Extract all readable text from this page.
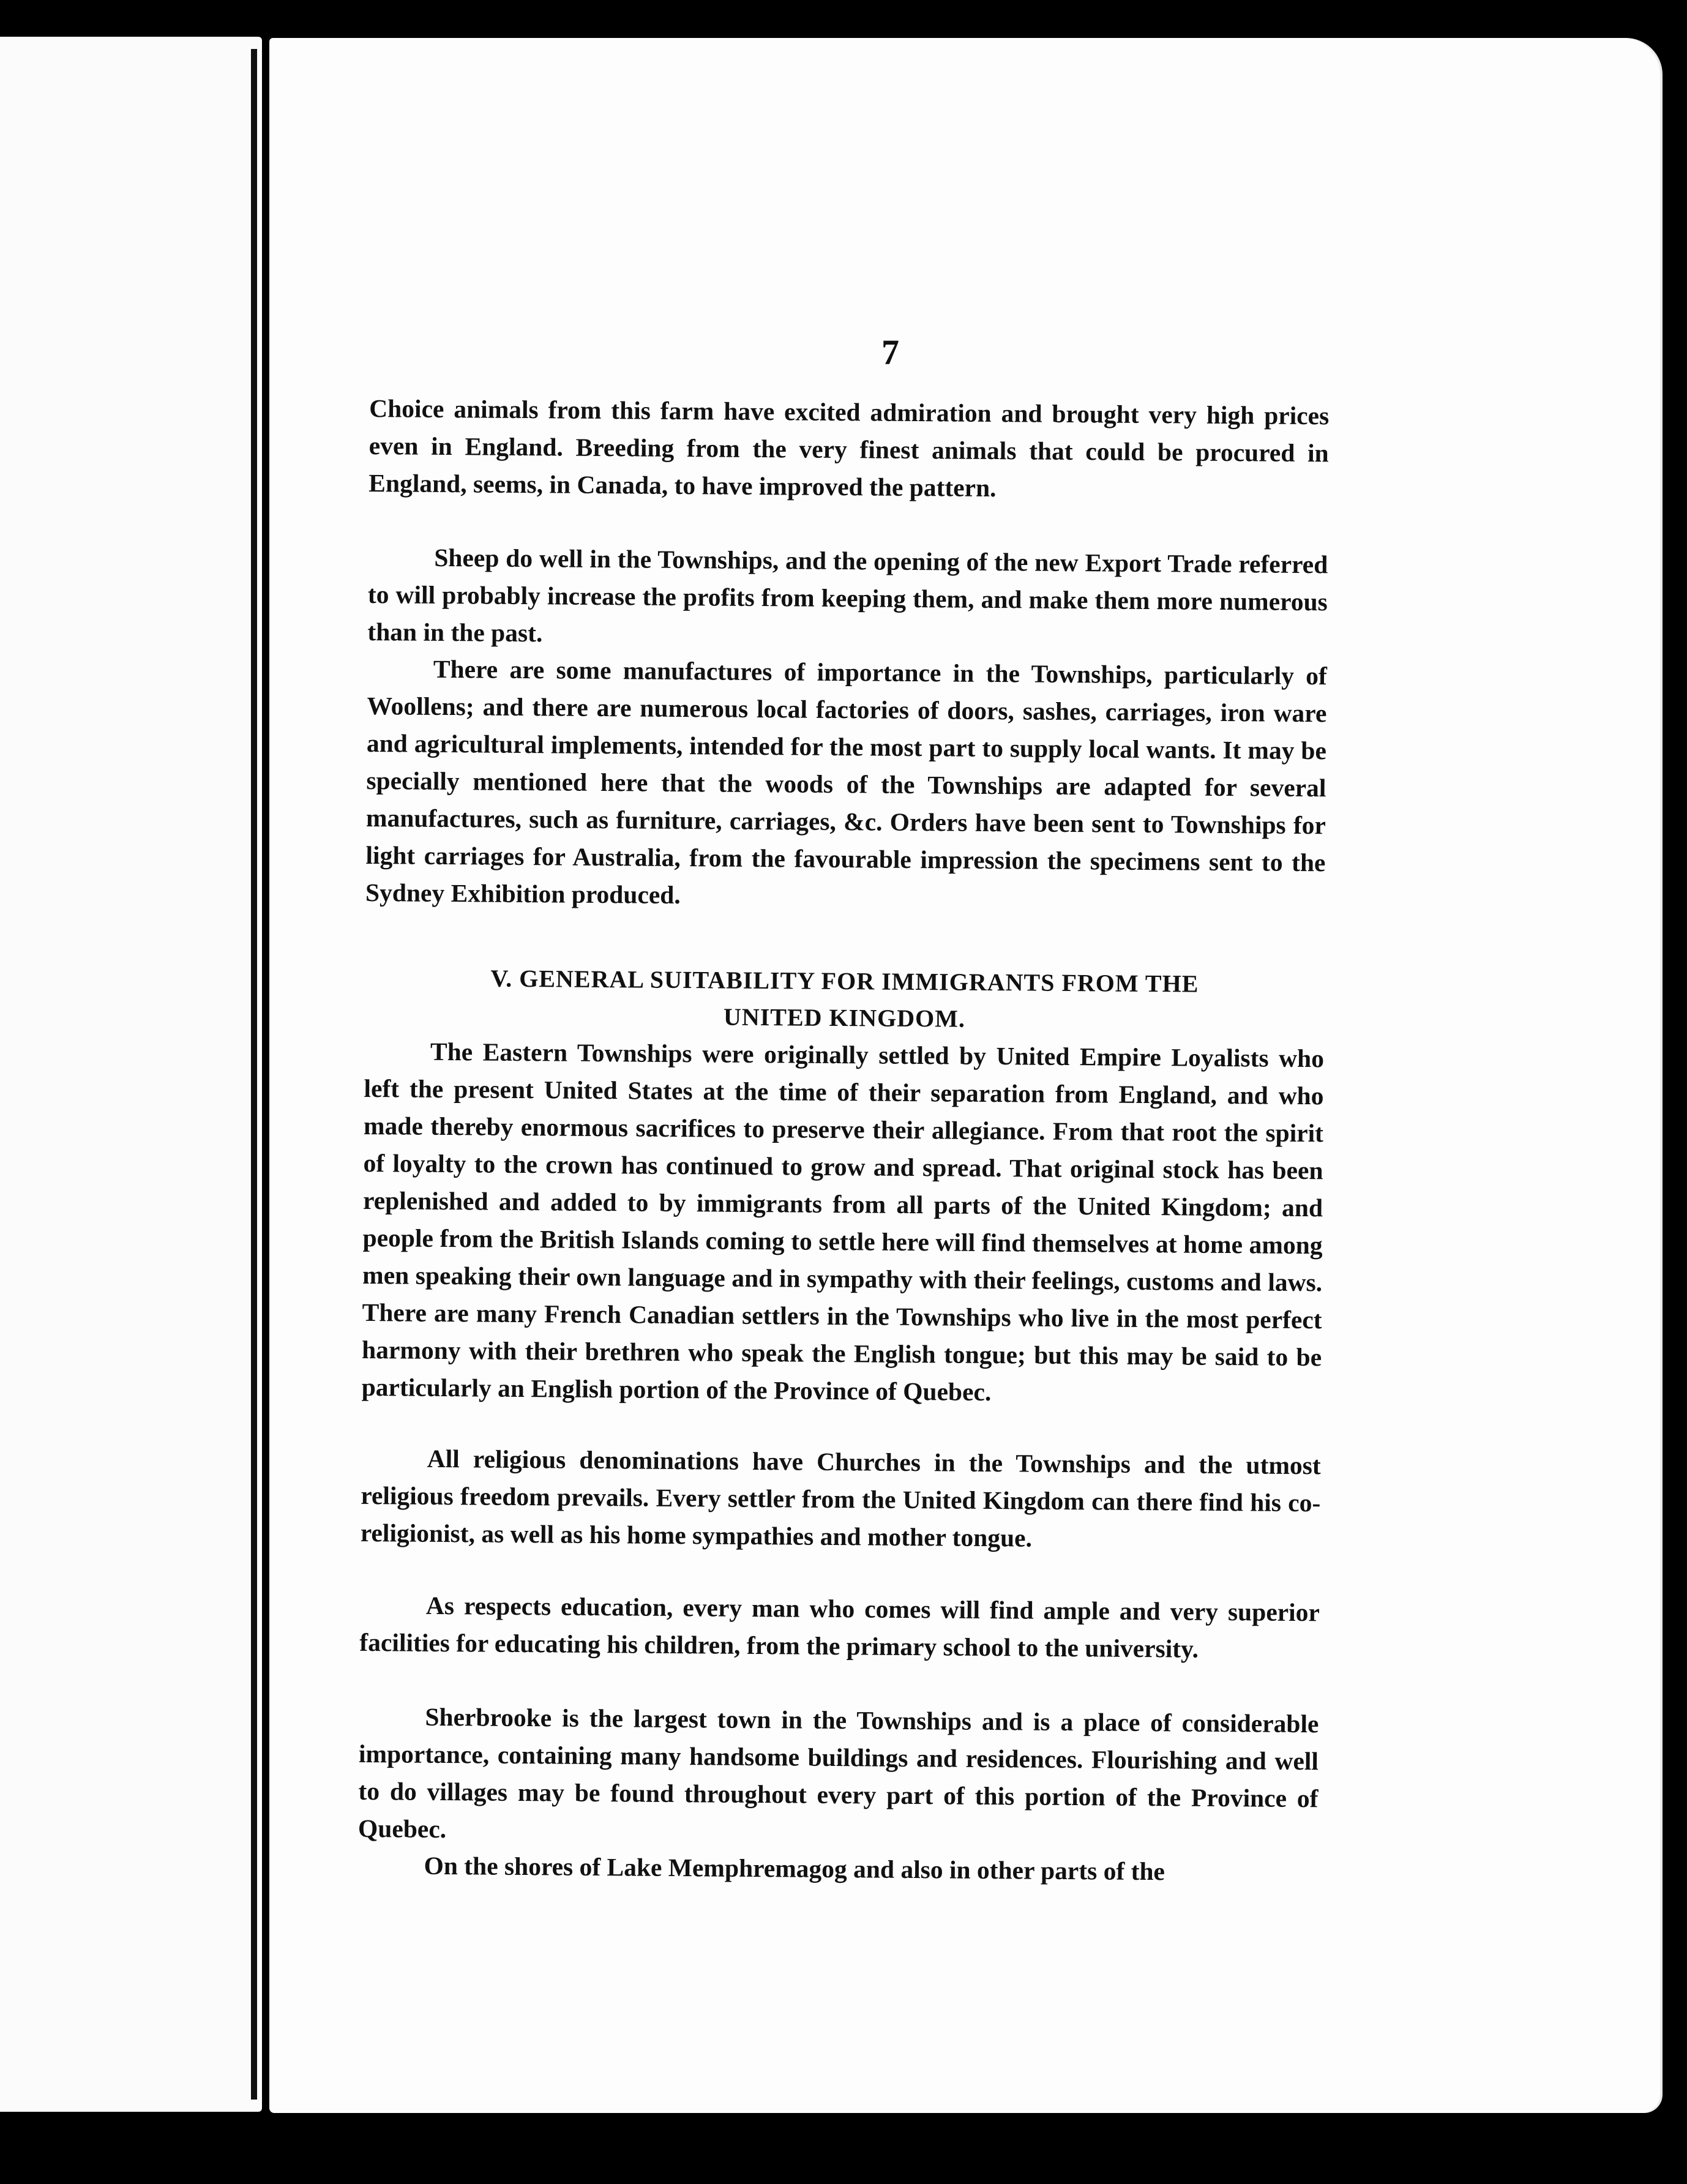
7

Choice animals from this farm have excited admiration and brought very high prices even in England. Breeding from the very finest animals that could be procured in England, seems, in Canada, to have improved the pattern.

Sheep do well in the Townships, and the opening of the new Export Trade referred to will probably increase the profits from keeping them, and make them more numerous than in the past.

There are some manufactures of importance in the Townships, particularly of Woollens; and there are numerous local factories of doors, sashes, carriages, iron ware and agricultural implements, intended for the most part to supply local wants. It may be specially mentioned here that the woods of the Townships are adapted for several manufactures, such as furniture, carriages, &c. Orders have been sent to Townships for light carriages for Australia, from the favourable impression the specimens sent to the Sydney Exhibition produced.

V. GENERAL SUITABILITY FOR IMMIGRANTS FROM THE
UNITED KINGDOM.

The Eastern Townships were originally settled by United Empire Loyalists who left the present United States at the time of their separation from England, and who made thereby enormous sacrifices to preserve their allegiance. From that root the spirit of loyalty to the crown has continued to grow and spread. That original stock has been replenished and added to by immigrants from all parts of the United Kingdom; and people from the British Islands coming to settle here will find themselves at home among men speaking their own language and in sympathy with their feelings, customs and laws. There are many French Canadian settlers in the Townships who live in the most perfect harmony with their brethren who speak the English tongue; but this may be said to be particularly an English portion of the Province of Quebec.

All religious denominations have Churches in the Townships and the utmost religious freedom prevails. Every settler from the United Kingdom can there find his co-religionist, as well as his home sympathies and mother tongue.

As respects education, every man who comes will find ample and very superior facilities for educating his children, from the primary school to the university.

Sherbrooke is the largest town in the Townships and is a place of considerable importance, containing many handsome buildings and residences. Flourishing and well to do villages may be found throughout every part of this portion of the Province of Quebec.

On the shores of Lake Memphremagog and also in other parts of the
